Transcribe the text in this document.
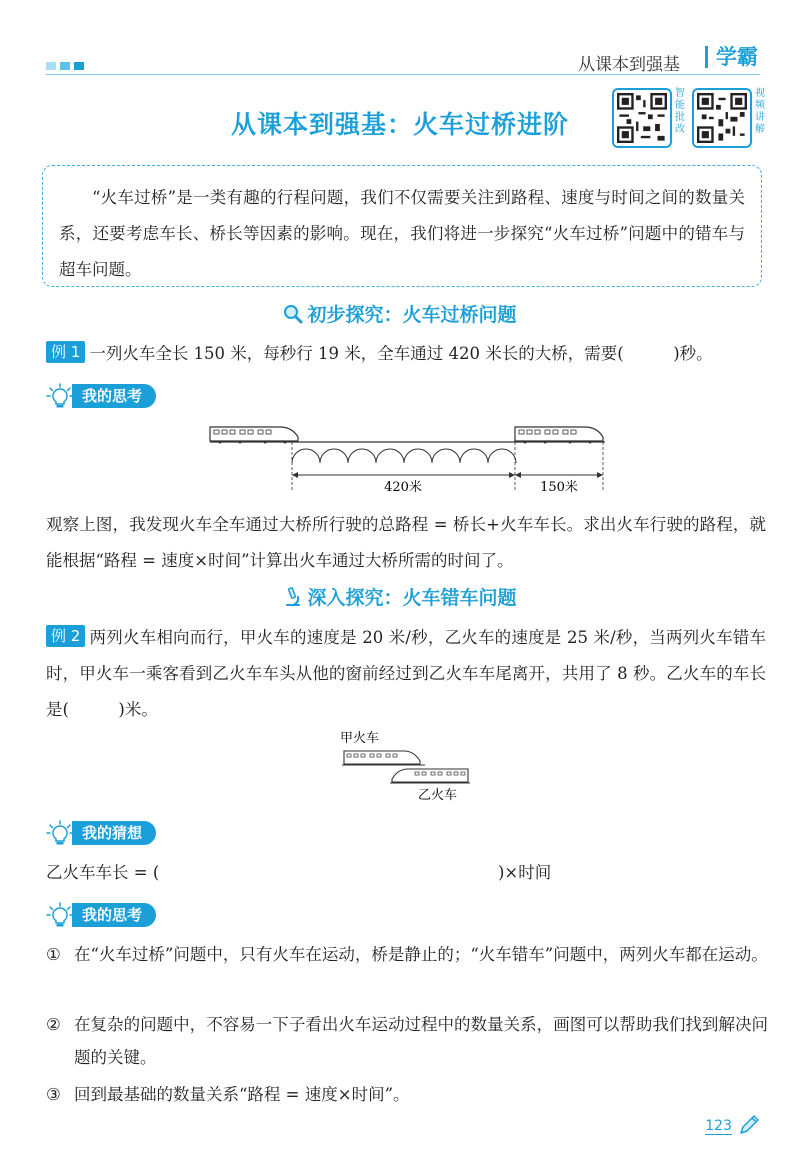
从课本到强基	学霸
从课本到强基：火车过桥进阶
智能批改
视频讲解
“火车过桥”是一类有趣的行程问题，我们不仅需要关注到路程、速度与时间之间的数量关系，还要考虑车长、桥长等因素的影响。现在，我们将进一步探究“火车过桥”问题中的错车与超车问题。
初步探究：火车过桥问题
例 1 一列火车全长 150 米，每秒行 19 米，全车通过 420 米长的大桥，需要(　　　)秒。
我的思考
420米	150米
观察上图，我发现火车全车通过大桥所行驶的总路程 = 桥长+火车车长。求出火车行驶的路程，就能根据“路程 = 速度×时间”计算出火车通过大桥所需的时间了。
深入探究：火车错车问题
例 2 两列火车相向而行，甲火车的速度是 20 米/秒，乙火车的速度是 25 米/秒，当两列火车错车时，甲火车一乘客看到乙火车车头从他的窗前经过到乙火车车尾离开，共用了 8 秒。乙火车的车长是(　　　)米。
甲火车
乙火车
我的猜想
乙火车车长 = (	)×时间
我的思考
① 在“火车过桥”问题中，只有火车在运动，桥是静止的；“火车错车”问题中，两列火车都在运动。
② 在复杂的问题中，不容易一下子看出火车运动过程中的数量关系，画图可以帮助我们找到解决问题的关键。
③ 回到最基础的数量关系“路程 = 速度×时间”。
123
